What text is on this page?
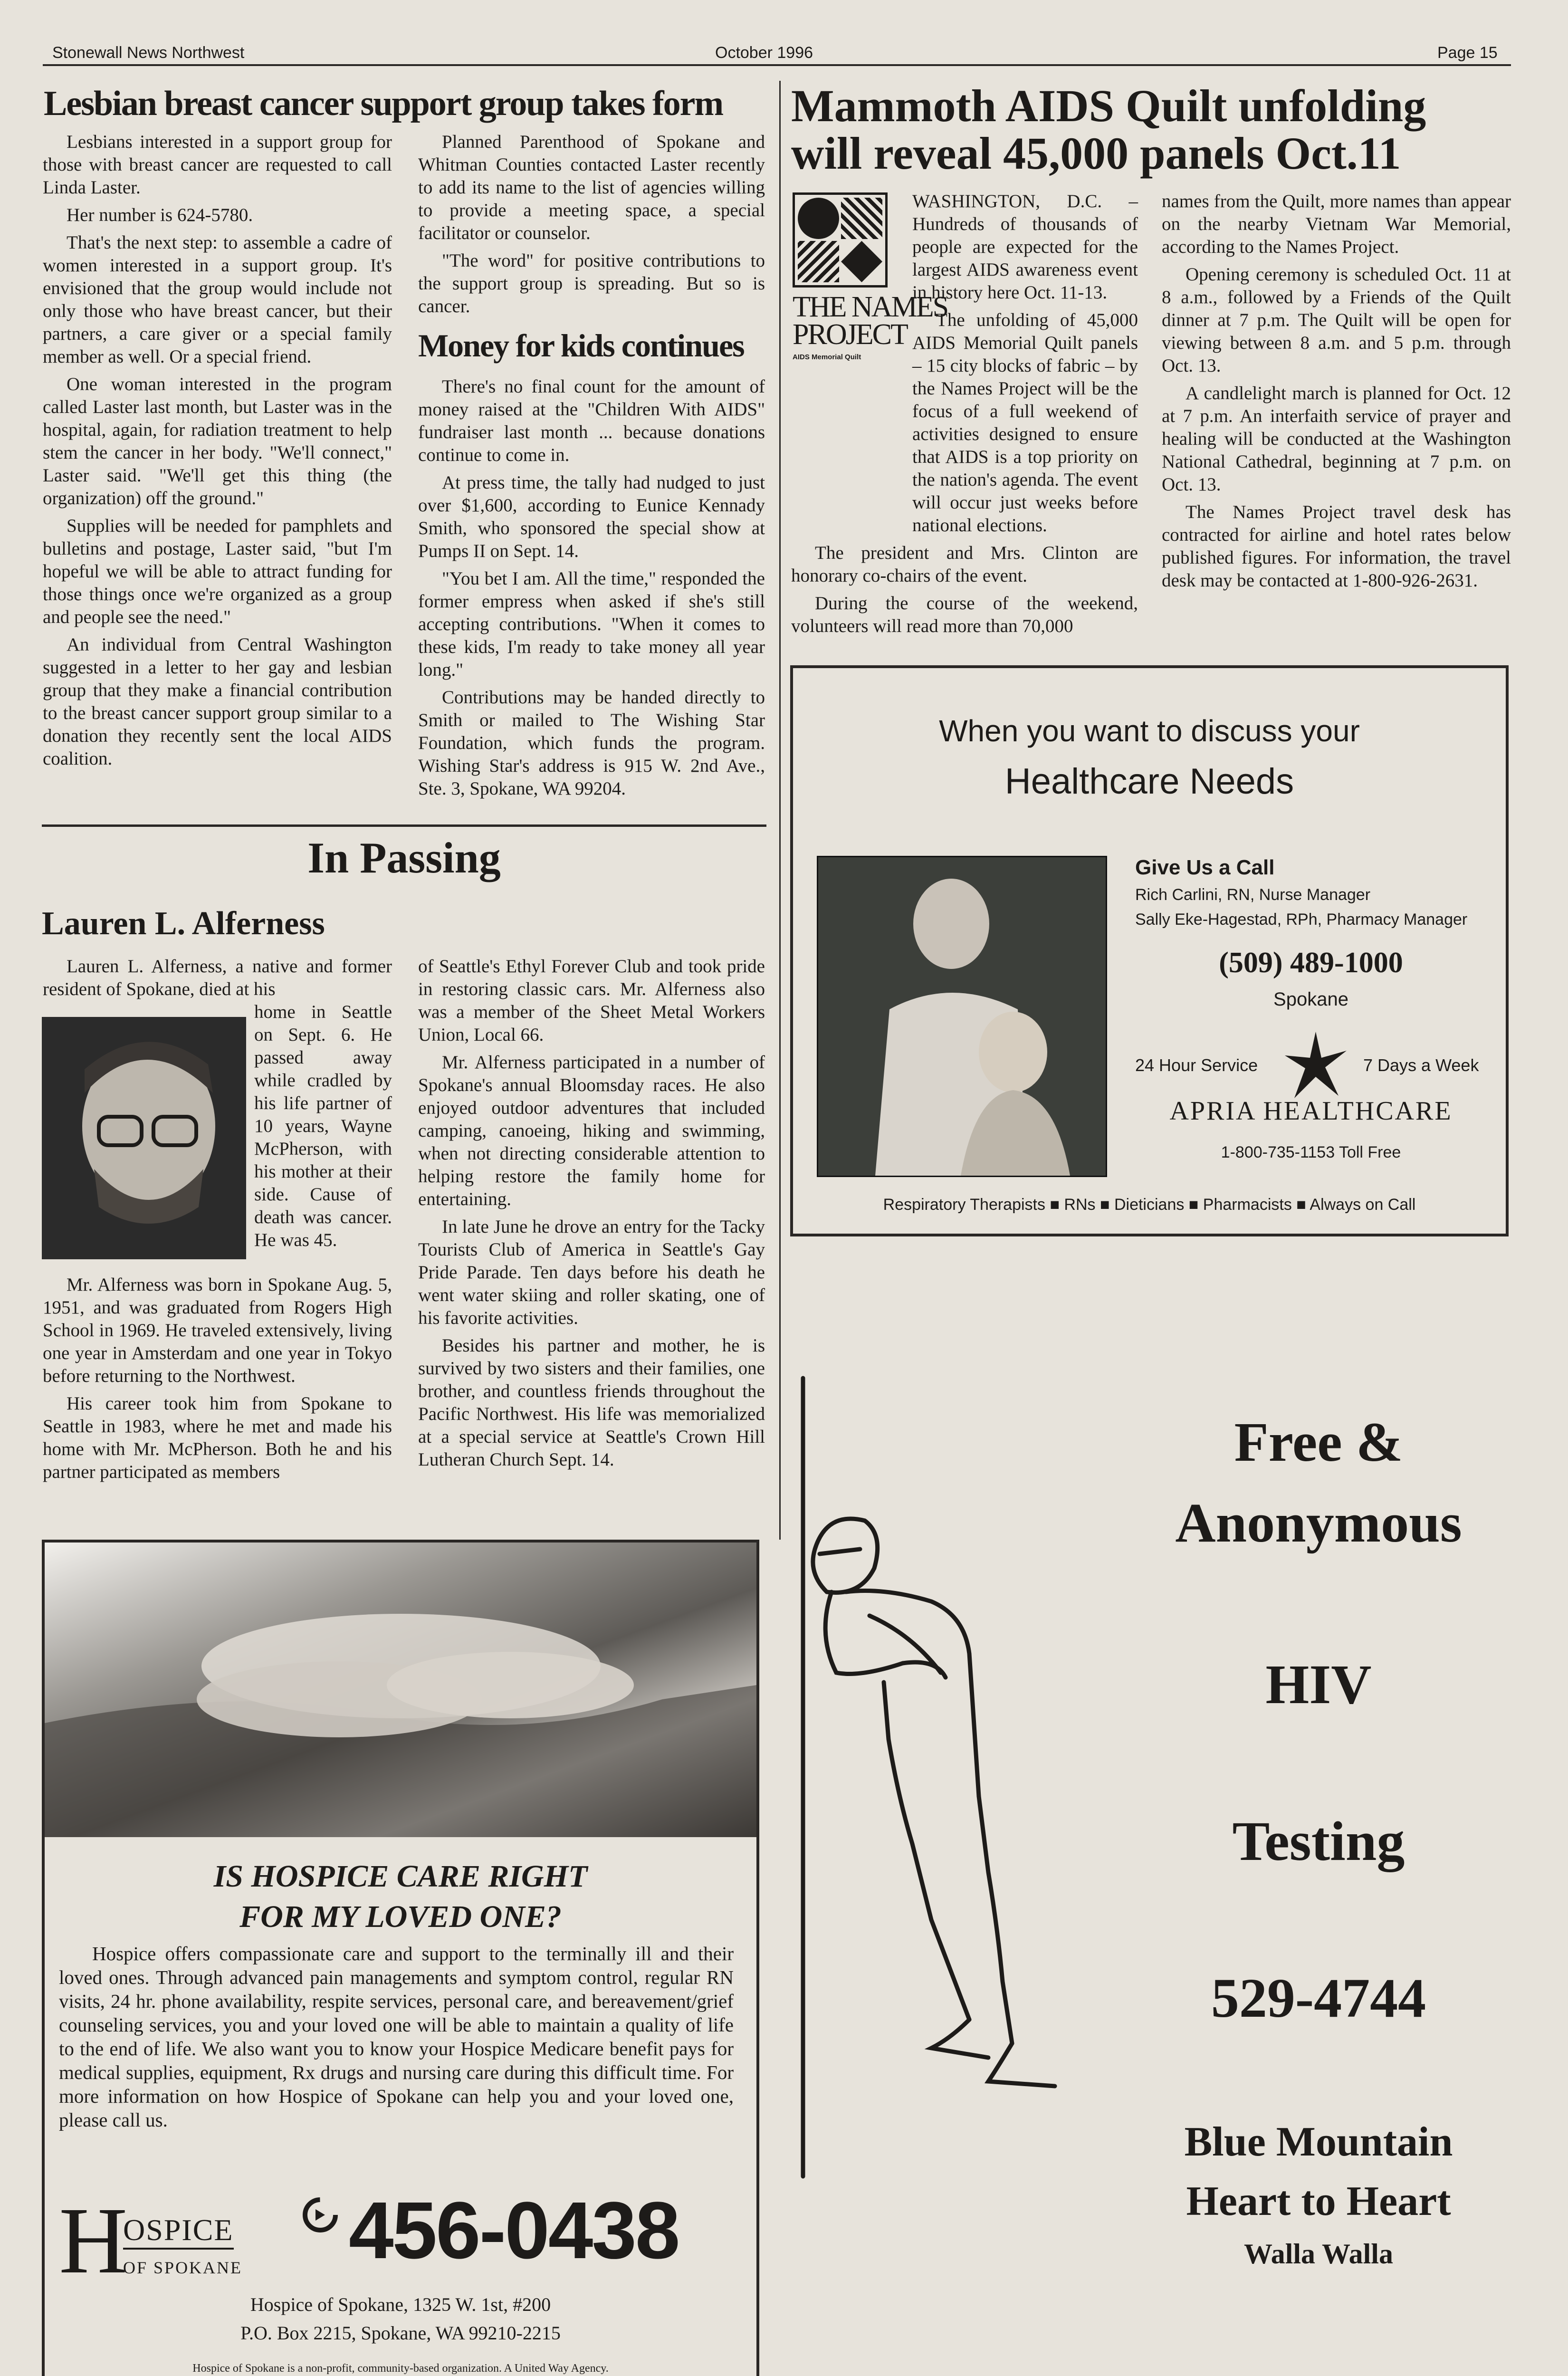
Stonewall News Northwest	October 1996	Page 15
Lesbian breast cancer support group takes form

Lesbians interested in a support group for those with breast cancer are requested to call Linda Laster.

Her number is 624-5780.

That's the next step: to assemble a cadre of women interested in a support group. It's envisioned that the group would include not only those who have breast cancer, but their partners, a care giver or a special family member as well. Or a special friend.

One woman interested in the program called Laster last month, but Laster was in the hospital, again, for radiation treatment to help stem the cancer in her body. "We'll connect," Laster said. "We'll get this thing (the organization) off the ground."

Supplies will be needed for pamphlets and bulletins and postage, Laster said, "but I'm hopeful we will be able to attract funding for those things once we're organized as a group and people see the need."

An individual from Central Washington suggested in a letter to her gay and lesbian group that they make a financial contribution to the breast cancer support group similar to a donation they recently sent the local AIDS coalition.

Planned Parenthood of Spokane and Whitman Counties contacted Laster recently to add its name to the list of agencies willing to provide a meeting space, a special facilitator or counselor.

"The word" for positive contributions to the support group is spreading. But so is cancer.

Money for kids continues

There's no final count for the amount of money raised at the "Children With AIDS" fundraiser last month ... because donations continue to come in.

At press time, the tally had nudged to just over $1,600, according to Eunice Kennady Smith, who sponsored the special show at Pumps II on Sept. 14.

"You bet I am. All the time," responded the former empress when asked if she's still accepting contributions. "When it comes to these kids, I'm ready to take money all year long."

Contributions may be handed directly to Smith or mailed to The Wishing Star Foundation, which funds the program. Wishing Star's address is 915 W. 2nd Ave., Ste. 3, Spokane, WA 99204.

Mammoth AIDS Quilt unfolding
will reveal 45,000 panels Oct.11
THE NAMES
PROJECT
AIDS Memorial Quilt

WASHINGTON, D.C. – Hundreds of thousands of people are expected for the largest AIDS awareness event in history here Oct. 11-13.

The unfolding of 45,000 AIDS Memorial Quilt panels – 15 city blocks of fabric – by the Names Project will be the focus of a full weekend of activities designed to ensure that AIDS is a top priority on the nation's agenda. The event will occur just weeks before national elections.

The president and Mrs. Clinton are honorary co-chairs of the event.

During the course of the weekend, volunteers will read more than 70,000

names from the Quilt, more names than appear on the nearby Vietnam War Memorial, according to the Names Project.

Opening ceremony is scheduled Oct. 11 at 8 a.m., followed by a Friends of the Quilt dinner at 7 p.m. The Quilt will be open for viewing between 8 a.m. and 5 p.m. through Oct. 13.

A candlelight march is planned for Oct. 12 at 7 p.m. An interfaith service of prayer and healing will be conducted at the Washington National Cathedral, beginning at 7 p.m. on Oct. 13.

The Names Project travel desk has contracted for airline and hotel rates below published figures. For information, the travel desk may be contacted at 1-800-926-2631.

When you want to discuss your
Healthcare Needs
Give Us a Call
Rich Carlini, RN, Nurse Manager
Sally Eke-Hagestad, RPh, Pharmacy Manager
(509) 489-1000
Spokane
24 Hour Service	7 Days a Week
APRIA HEALTHCARE
1-800-735-1153 Toll Free
Respiratory Therapists ■ RNs ■ Dieticians ■ Pharmacists ■ Always on Call
In Passing
Lauren L. Alferness

Lauren L. Alferness, a native and former resident of Spokane, died at his

home in Seattle on Sept. 6. He passed away while cradled by his life partner of 10 years, Wayne McPherson, with his mother at their side. Cause of death was cancer. He was 45.

Mr. Alferness was born in Spokane Aug. 5, 1951, and was graduated from Rogers High School in 1969. He traveled extensively, living one year in Amsterdam and one year in Tokyo before returning to the Northwest.

His career took him from Spokane to Seattle in 1983, where he met and made his home with Mr. McPherson. Both he and his partner participated as members

of Seattle's Ethyl Forever Club and took pride in restoring classic cars. Mr. Alferness also was a member of the Sheet Metal Workers Union, Local 66.

Mr. Alferness participated in a number of Spokane's annual Bloomsday races. He also enjoyed outdoor adventures that included camping, canoeing, hiking and swimming, when not directing considerable attention to helping restore the family home for entertaining.

In late June he drove an entry for the Tacky Tourists Club of America in Seattle's Gay Pride Parade. Ten days before his death he went water skiing and roller skating, one of his favorite activities.

Besides his partner and mother, he is survived by two sisters and their families, one brother, and countless friends throughout the Pacific Northwest. His life was memorialized at a special service at Seattle's Crown Hill Lutheran Church Sept. 14.

IS HOSPICE CARE RIGHT
FOR MY LOVED ONE?

Hospice offers compassionate care and support to the terminally ill and their loved ones. Through advanced pain managements and symptom control, regular RN visits, 24 hr. phone availability, respite services, personal care, and bereavement/grief counseling services, you and your loved one will be able to maintain a quality of life to the end of life. We also want you to know your Hospice Medicare benefit pays for medical supplies, equipment, Rx drugs and nursing care during this difficult time. For more information on how Hospice of Spokane can help you and your loved one, please call us.

H
OSPICE
OF SPOKANE 456-0438
Hospice of Spokane, 1325 W. 1st, #200
P.O. Box 2215, Spokane, WA 99210-2215
Hospice of Spokane is a non-profit, community-based organization. A United Way Agency.
Free &
Anonymous
HIV
Testing
529-4744
Blue Mountain
Heart to Heart
Walla Walla
